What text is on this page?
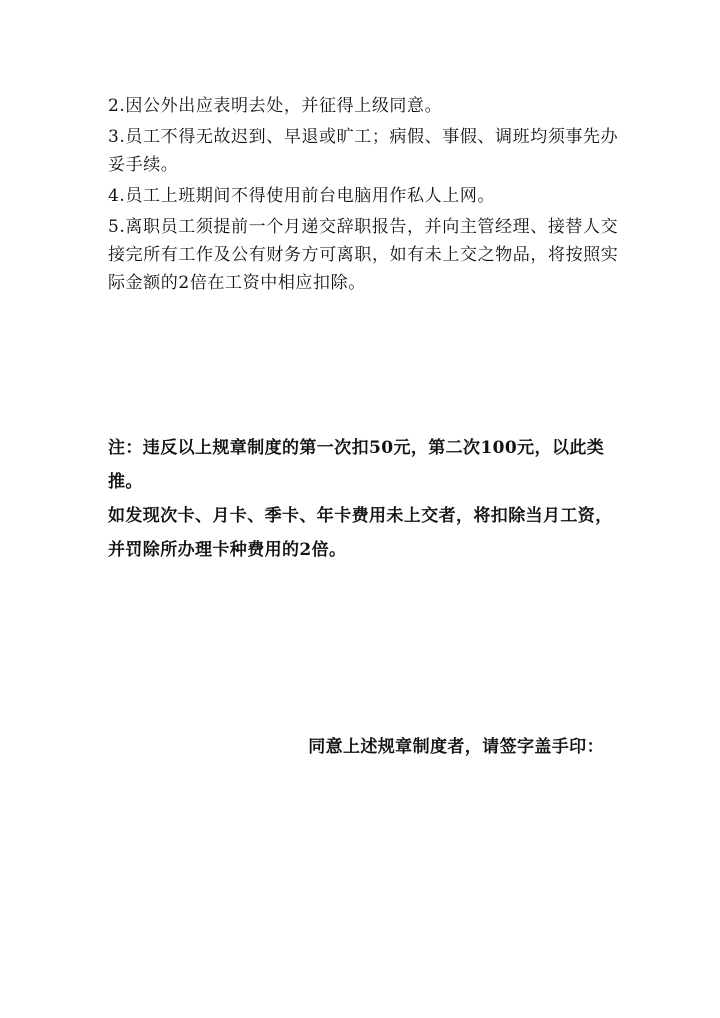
2.因公外出应表明去处，并征得上级同意。

3.员工不得无故迟到、早退或旷工；病假、事假、调班均须事先办妥手续。

4.员工上班期间不得使用前台电脑用作私人上网。

5.离职员工须提前一个月递交辞职报告，并向主管经理、接替人交接完所有工作及公有财务方可离职，如有未上交之物品，将按照实际金额的2倍在工资中相应扣除。

注：违反以上规章制度的第一次扣50元，第二次100元，以此类推。

如发现次卡、月卡、季卡、年卡费用未上交者，将扣除当月工资，并罚除所办理卡种费用的2倍。

同意上述规章制度者，请签字盖手印：
